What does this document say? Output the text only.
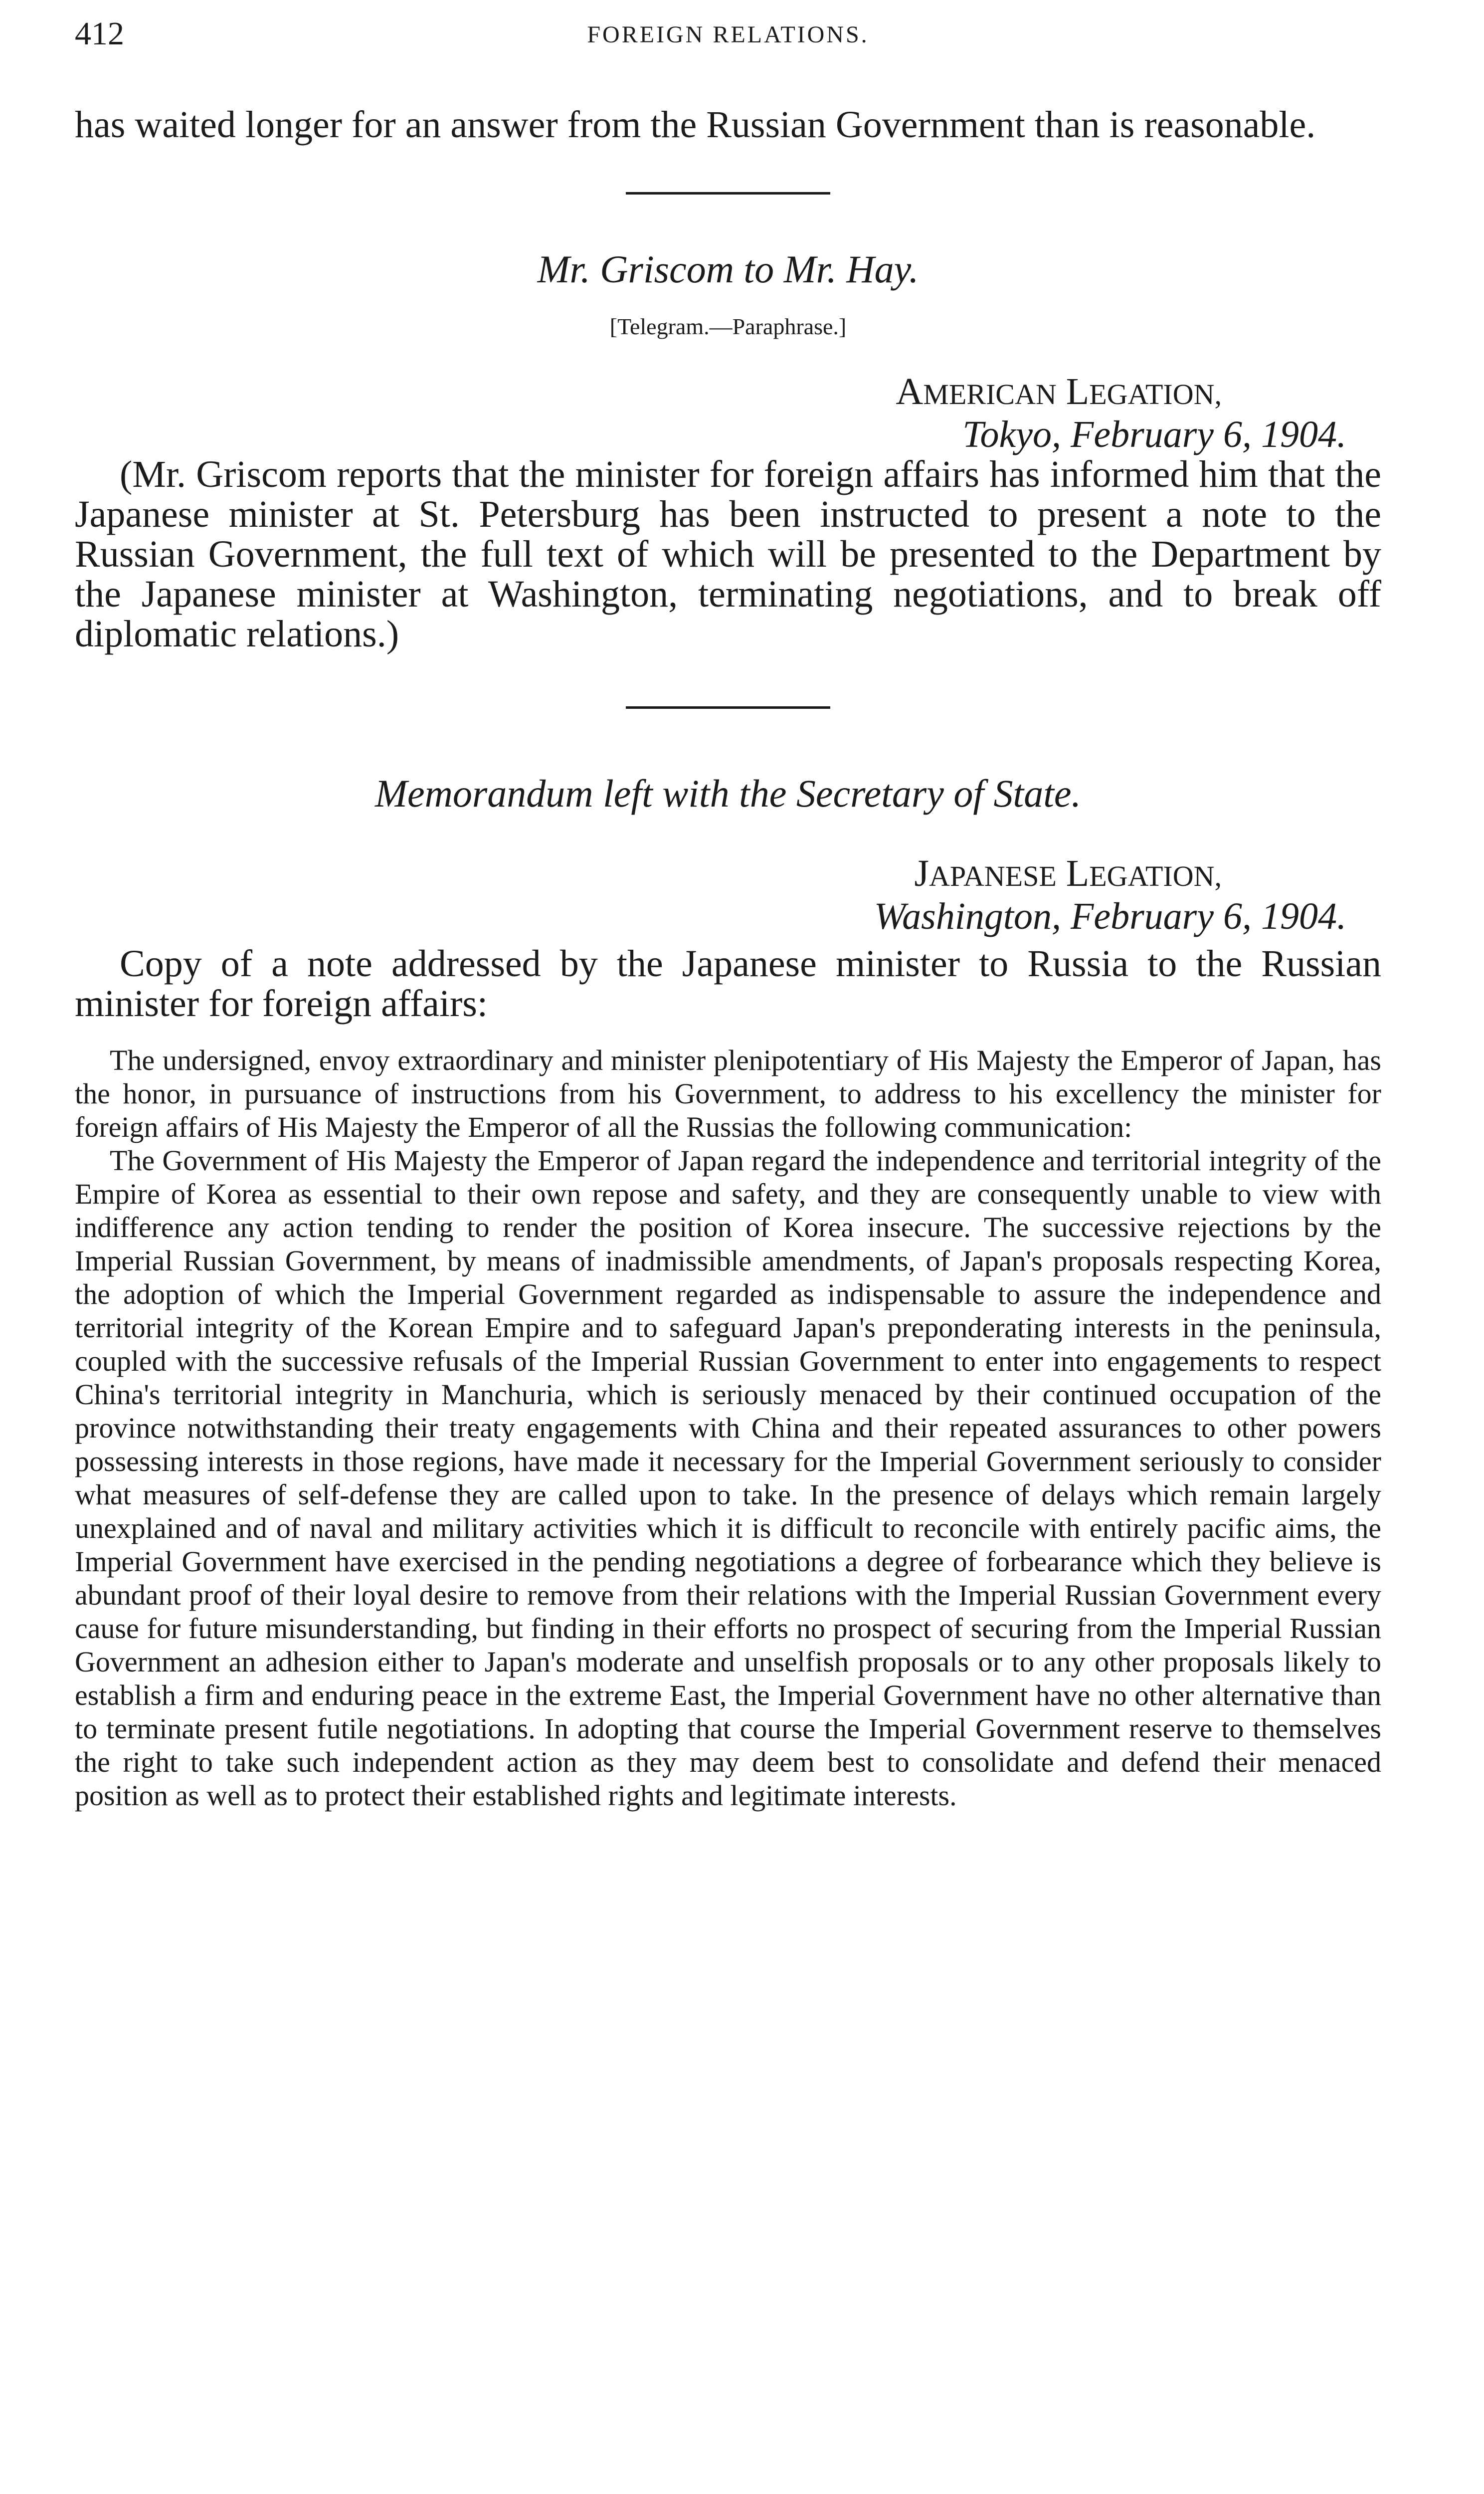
412	FOREIGN RELATIONS.

has waited longer for an answer from the Russian Government than is reasonable.

Mr. Griscom to Mr. Hay.

[Telegram.—Paraphrase.]

AMERICAN LEGATION,

Tokyo, February 6, 1904.

(Mr. Griscom reports that the minister for foreign affairs has informed him that the Japanese minister at St. Petersburg has been instructed to present a note to the Russian Government, the full text of which will be presented to the Department by the Japanese minister at Washington, terminating negotiations, and to break off diplomatic relations.)

Memorandum left with the Secretary of State.

JAPANESE LEGATION,

Washington, February 6, 1904.

Copy of a note addressed by the Japanese minister to Russia to the Russian minister for foreign affairs:

The undersigned, envoy extraordinary and minister plenipotentiary of His Majesty the Emperor of Japan, has the honor, in pursuance of instructions from his Government, to address to his excellency the minister for foreign affairs of His Majesty the Emperor of all the Russias the following communication:

The Government of His Majesty the Emperor of Japan regard the independence and territorial integrity of the Empire of Korea as essential to their own repose and safety, and they are consequently unable to view with indifference any action tending to render the position of Korea insecure. The successive rejections by the Imperial Russian Government, by means of inadmissible amendments, of Japan's proposals respecting Korea, the adoption of which the Imperial Government regarded as indispensable to assure the independence and territorial integrity of the Korean Empire and to safeguard Japan's preponderating interests in the peninsula, coupled with the successive refusals of the Imperial Russian Government to enter into engagements to respect China's territorial integrity in Manchuria, which is seriously menaced by their continued occupation of the province notwithstanding their treaty engagements with China and their repeated assurances to other powers possessing interests in those regions, have made it necessary for the Imperial Government seriously to consider what measures of self-defense they are called upon to take. In the presence of delays which remain largely unexplained and of naval and military activities which it is difficult to reconcile with entirely pacific aims, the Imperial Government have exercised in the pending negotiations a degree of forbearance which they believe is abundant proof of their loyal desire to remove from their relations with the Imperial Russian Government every cause for future misunderstanding, but finding in their efforts no prospect of securing from the Imperial Russian Government an adhesion either to Japan's moderate and unselfish proposals or to any other proposals likely to establish a firm and enduring peace in the extreme East, the Imperial Government have no other alternative than to terminate present futile negotiations. In adopting that course the Imperial Government reserve to themselves the right to take such independent action as they may deem best to consolidate and defend their menaced position as well as to protect their established rights and legitimate interests.
